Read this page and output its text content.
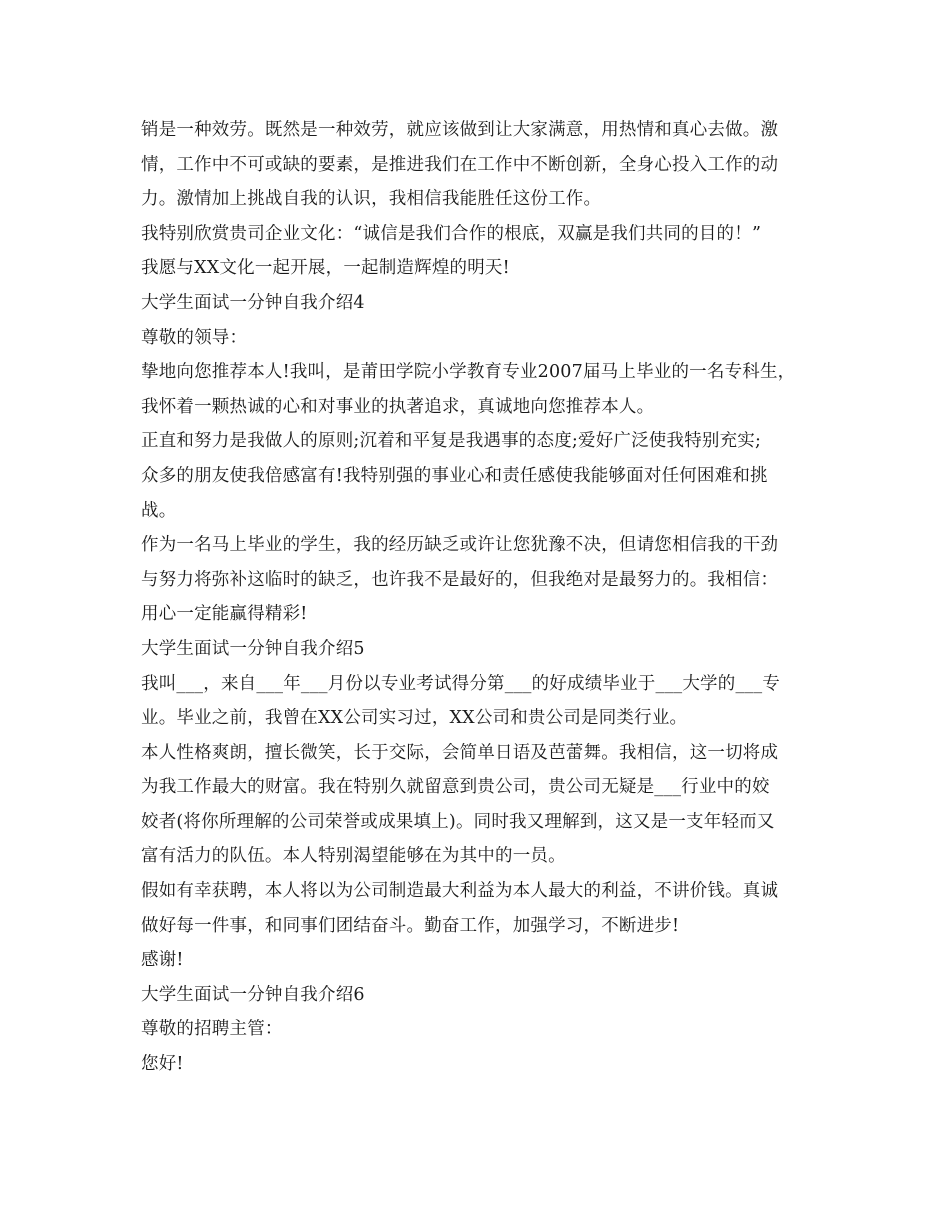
销是一种效劳。既然是一种效劳，就应该做到让大家满意，用热情和真心去做。激
情，工作中不可或缺的要素，是推进我们在工作中不断创新，全身心投入工作的动
力。激情加上挑战自我的认识，我相信我能胜任这份工作。
我特别欣赏贵司企业文化：“诚信是我们合作的根底，双赢是我们共同的目的！”
我愿与XX文化一起开展，一起制造辉煌的明天!
大学生面试一分钟自我介绍4
尊敬的领导：
挚地向您推荐本人!我叫，是莆田学院小学教育专业2007届马上毕业的一名专科生，
我怀着一颗热诚的心和对事业的执著追求，真诚地向您推荐本人。
正直和努力是我做人的原则;沉着和平复是我遇事的态度;爱好广泛使我特别充实;
众多的朋友使我倍感富有!我特别强的事业心和责任感使我能够面对任何困难和挑
战。
作为一名马上毕业的学生，我的经历缺乏或许让您犹豫不决，但请您相信我的干劲
与努力将弥补这临时的缺乏，也许我不是最好的，但我绝对是最努力的。我相信：
用心一定能赢得精彩!
大学生面试一分钟自我介绍5
我叫___，来自___年___月份以专业考试得分第___的好成绩毕业于___大学的___专
业。毕业之前，我曾在XX公司实习过，XX公司和贵公司是同类行业。
本人性格爽朗，擅长微笑，长于交际，会简单日语及芭蕾舞。我相信，这一切将成
为我工作最大的财富。我在特别久就留意到贵公司，贵公司无疑是___行业中的姣
姣者(将你所理解的公司荣誉或成果填上)。同时我又理解到，这又是一支年轻而又
富有活力的队伍。本人特别渴望能够在为其中的一员。
假如有幸获聘，本人将以为公司制造最大利益为本人最大的利益，不讲价钱。真诚
做好每一件事，和同事们团结奋斗。勤奋工作，加强学习，不断进步!
感谢!
大学生面试一分钟自我介绍6
尊敬的招聘主管：
您好!
